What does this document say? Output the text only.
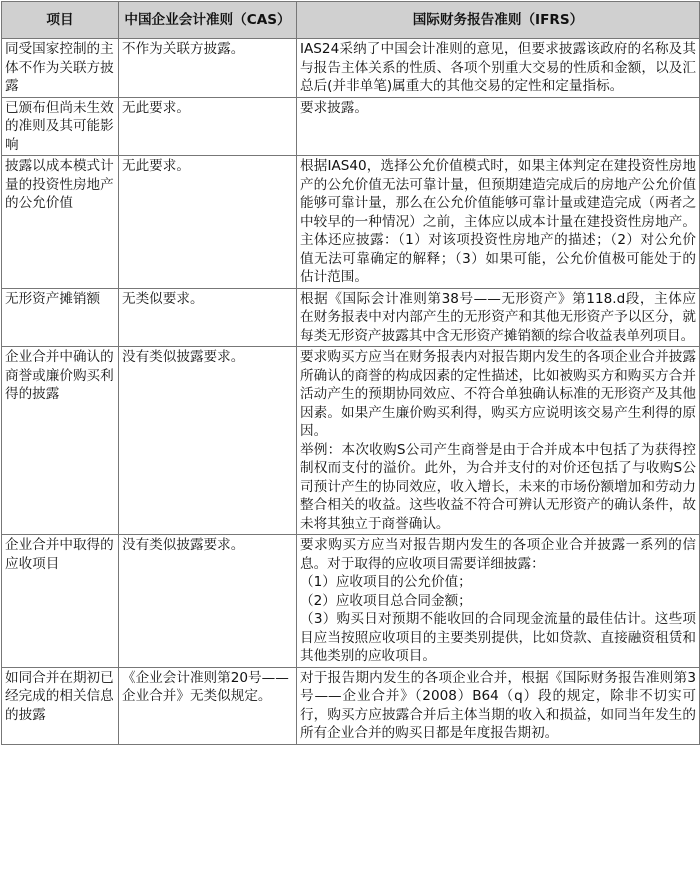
项目	中国企业会计准则（CAS）	国际财务报告准则（IFRS）
同受国家控制的主体不作为关联方披露	不作为关联方披露。	IAS24采纳了中国会计准则的意见，但要求披露该政府的名称及其与报告主体关系的性质、各项个别重大交易的性质和金额，以及汇总后(并非单笔)属重大的其他交易的定性和定量指标。

已颁布但尚未生效的准则及其可能影响	无此要求。	要求披露。

披露以成本模式计量的投资性房地产的公允价值	无此要求。	根据IAS40，选择公允价值模式时，如果主体判定在建投资性房地产的公允价值无法可靠计量，但预期建造完成后的房地产公允价值能够可靠计量，那么在公允价值能够可靠计量或建造完成（两者之中较早的一种情况）之前，主体应以成本计量在建投资性房地产。主体还应披露：（1）对该项投资性房地产的描述；（2）对公允价值无法可靠确定的解释；（3）如果可能，公允价值极可能处于的估计范围。

无形资产摊销额	无类似要求。	根据《国际会计准则第38号——无形资产》第118.d段，主体应在财务报表中对内部产生的无形资产和其他无形资产予以区分，就每类无形资产披露其中含无形资产摊销额的综合收益表单列项目。

企业合并中确认的商誉或廉价购买利得的披露	没有类似披露要求。	要求购买方应当在财务报表内对报告期内发生的各项企业合并披露所确认的商誉的构成因素的定性描述，比如被购买方和购买方合并活动产生的预期协同效应、不符合单独确认标准的无形资产及其他因素。如果产生廉价购买利得，购买方应说明该交易产生利得的原因。
举例：本次收购S公司产生商誉是由于合并成本中包括了为获得控制权而支付的溢价。此外，为合并支付的对价还包括了与收购S公司预计产生的协同效应，收入增长，未来的市场份额增加和劳动力整合相关的收益。这些收益不符合可辨认无形资产的确认条件，故未将其独立于商誉确认。

企业合并中取得的应收项目	没有类似披露要求。	要求购买方应当对报告期内发生的各项企业合并披露一系列的信息。对于取得的应收项目需要详细披露：
（1）应收项目的公允价值；
（2）应收项目总合同金额；
（3）购买日对预期不能收回的合同现金流量的最佳估计。这些项目应当按照应收项目的主要类别提供，比如贷款、直接融资租赁和其他类别的应收项目。

如同合并在期初已经完成的相关信息的披露	《企业会计准则第20号——企业合并》无类似规定。	对于报告期内发生的各项企业合并，根据《国际财务报告准则第3号——企业合并》（2008）B64（q）段的规定，除非不切实可行，购买方应披露合并后主体当期的收入和损益，如同当年发生的所有企业合并的购买日都是年度报告期初。
